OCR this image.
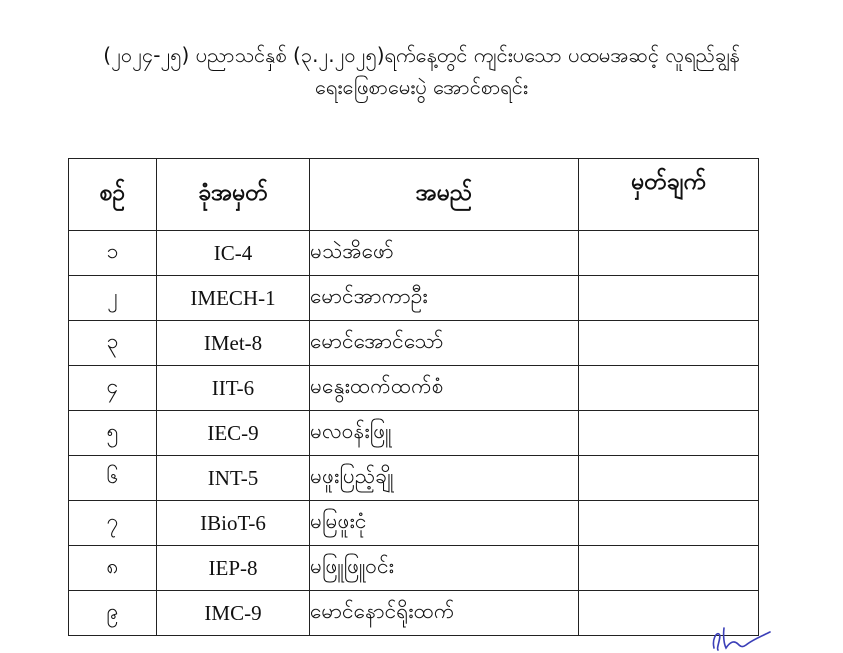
(၂၀၂၄-၂၅) ပညာသင်နှစ် (၃.၂.၂၀၂၅)ရက်နေ့တွင် ကျင်းပသော ပထမအဆင့် လူရည်ချွန်
ရေးဖြေစာမေးပွဲ အောင်စာရင်း
စဉ်	ခုံအမှတ်	အမည်	မှတ်ချက်
၁	IC-4	မသဲအိဖော်	
၂	IMECH-1	မောင်အာကာဦး	
၃	IMet-8	မောင်အောင်သော်	
၄	IIT-6	မနွေးထက်ထက်စံ	
၅	IEC-9	မလဝန်းဖြူ	
၆	INT-5	မဖူးပြည့်ချို	
၇	IBioT-6	မမြဖူးငုံ	
၈	IEP-8	မဖြူဖြူဝင်း	
၉	IMC-9	မောင်နောင်ရိုးထက်	
